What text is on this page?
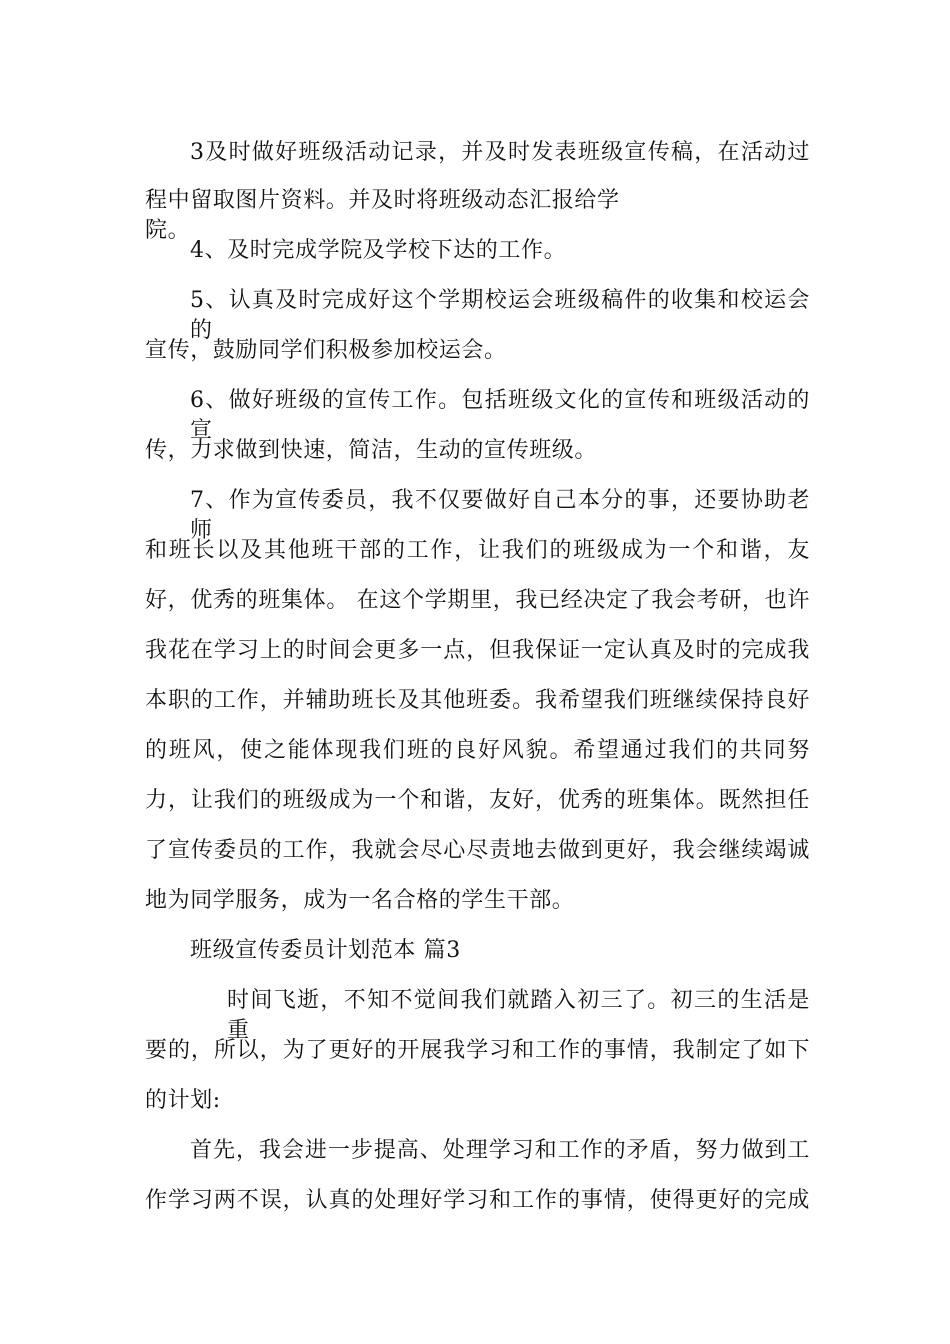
3及时做好班级活动记录，并及时发表班级宣传稿，在活动过
程中留取图片资料。并及时将班级动态汇报给学院。
4、及时完成学院及学校下达的工作。
5、认真及时完成好这个学期校运会班级稿件的收集和校运会的
宣传，鼓励同学们积极参加校运会。
6、做好班级的宣传工作。包括班级文化的宣传和班级活动的宣
传，力求做到快速，简洁，生动的宣传班级。
7、作为宣传委员，我不仅要做好自己本分的事，还要协助老师
和班长以及其他班干部的工作，让我们的班级成为一个和谐，友
好，优秀的班集体。 在这个学期里，我已经决定了我会考研，也许
我花在学习上的时间会更多一点，但我保证一定认真及时的完成我
本职的工作，并辅助班长及其他班委。我希望我们班继续保持良好
的班风，使之能体现我们班的良好风貌。希望通过我们的共同努
力，让我们的班级成为一个和谐，友好，优秀的班集体。既然担任
了宣传委员的工作，我就会尽心尽责地去做到更好，我会继续竭诚
地为同学服务，成为一名合格的学生干部。
班级宣传委员计划范本 篇3
时间飞逝，不知不觉间我们就踏入初三了。初三的生活是重
要的，所以，为了更好的开展我学习和工作的事情，我制定了如下
的计划:
首先，我会进一步提高、处理学习和工作的矛盾，努力做到工
作学习两不误，认真的处理好学习和工作的事情，使得更好的完成
